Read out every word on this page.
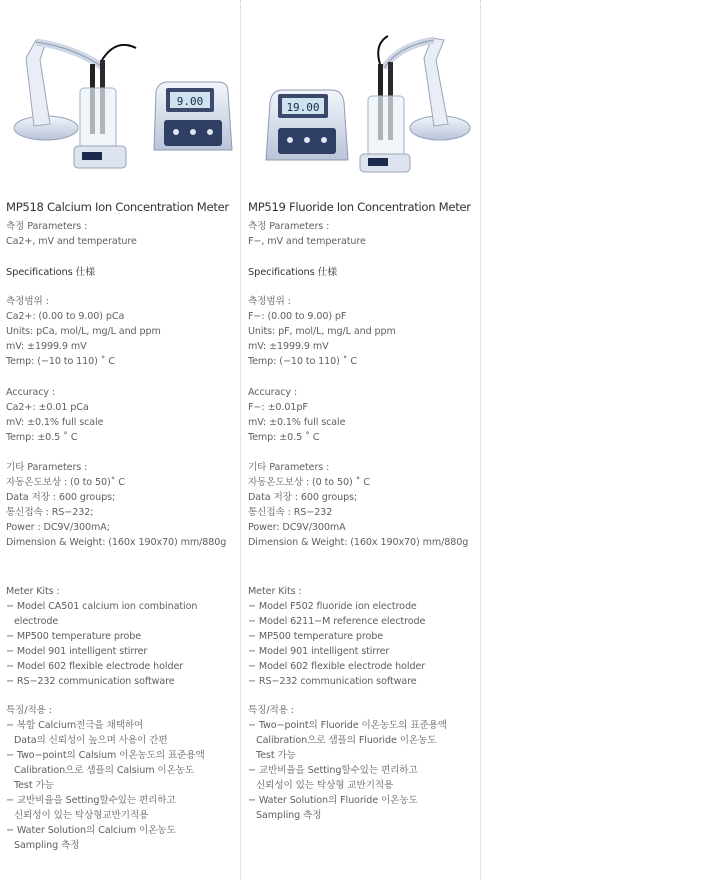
9.00
MP518 Calcium Ion Concentration Meter
측정 Parameters :
Ca2+, mV and temperature
Specifications 仕様
측정범위 :
Ca2+: (0.00 to 9.00) pCa
Units: pCa, mol/L, mg/L and ppm
mV: ±1999.9 mV
Temp: (−10 to 110) ˚ C
Accuracy :
Ca2+: ±0.01 pCa
mV: ±0.1% full scale
Temp: ±0.5 ˚ C
기타 Parameters :
자동온도보상 : (0 to 50)˚ C
Data 저장 : 600 groups;
통신접속 : RS−232;
Power : DC9V/300mA;
Dimension & Weight: (160x 190x70) mm/880g
Meter Kits :
− Model CA501 calcium ion combination
electrode
− MP500 temperature probe
− Model 901 intelligent stirrer
− Model 602 flexible electrode holder
− RS−232 communication software
특징/적용 :
− 복합 Calcium전극을 채택하여
Data의 신뢰성이 높으며 사용이 간편
− Two−point의 Calsium 이온농도의 표준용액
Calibration으로 샘플의 Calsium 이온농도
Test 가능
− 교반비율을 Setting할수있는 편리하고
신뢰성이 있는 탁상형교반기적용
− Water Solution의 Calcium 이온농도
Sampling 측정
19.00
MP519 Fluoride Ion Concentration Meter
측정 Parameters :
F−, mV and temperature
Specifications 仕様
측정범위 :
F−: (0.00 to 9.00) pF
Units: pF, mol/L, mg/L and ppm
mV: ±1999.9 mV
Temp: (−10 to 110) ˚ C
Accuracy :
F−: ±0.01pF
mV: ±0.1% full scale
Temp: ±0.5 ˚ C
기타 Parameters :
자동온도보상 : (0 to 50) ˚ C
Data 저장 : 600 groups;
통신접속 : RS−232
Power: DC9V/300mA
Dimension & Weight: (160x 190x70) mm/880g
Meter Kits :
− Model F502 fluoride ion electrode
− Model 6211−M reference electrode
− MP500 temperature probe
− Model 901 intelligent stirrer
− Model 602 flexible electrode holder
− RS−232 communication software
특징/적용 :
− Two−point의 Fluoride 이온농도의 표준용액
Calibration으로 샘플의 Fluoride 이온농도
Test 가능
− 교반비율을 Setting할수있는 편리하고
신뢰성이 있는 탁상형 교반기적용
− Water Solution의 Fluoride 이온농도
Sampling 측정
